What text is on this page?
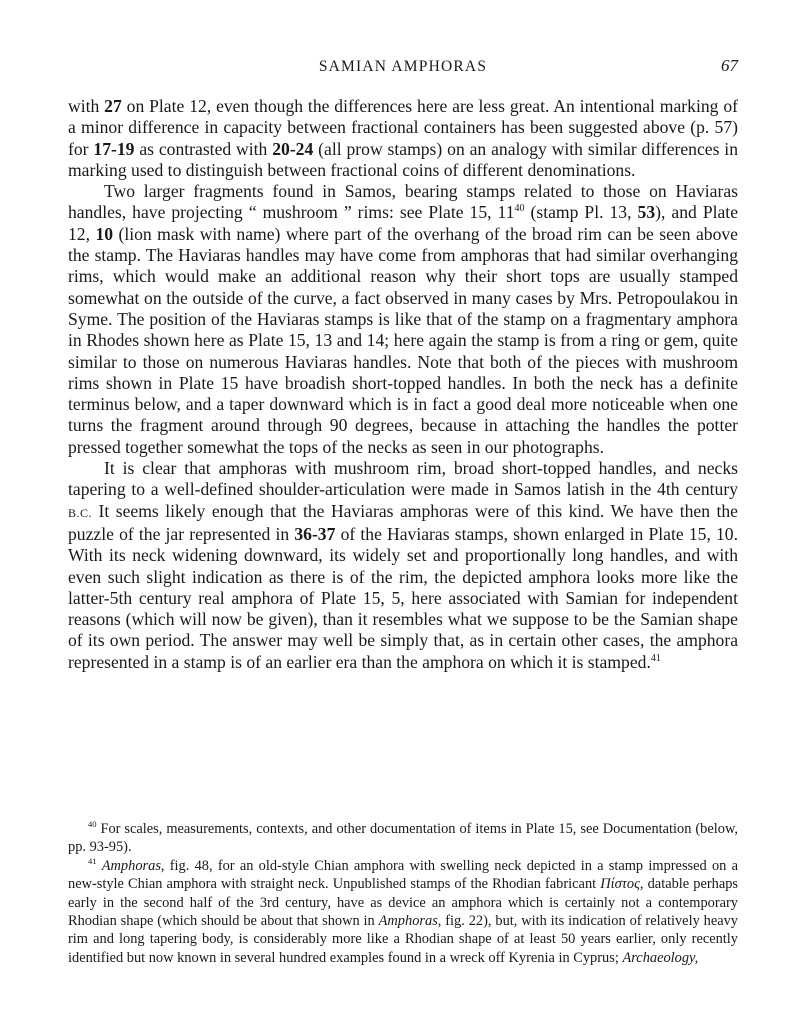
SAMIAN AMPHORAS	67

with 27 on Plate 12, even though the differences here are less great. An intentional marking of a minor difference in capacity between fractional containers has been suggested above (p. 57) for 17-19 as contrasted with 20-24 (all prow stamps) on an analogy with similar differences in marking used to distinguish between fractional coins of different denominations.

Two larger fragments found in Samos, bearing stamps related to those on Haviaras handles, have projecting “ mushroom ” rims: see Plate 15, $11^{40}$ (stamp Pl. 13, 53), and Plate 12, 10 (lion mask with name) where part of the overhang of the broad rim can be seen above the stamp. The Haviaras handles may have come from amphoras that had similar overhanging rims, which would make an additional reason why their short tops are usually stamped somewhat on the outside of the curve, a fact observed in many cases by Mrs. Petropoulakou in Syme. The position of the Haviaras stamps is like that of the stamp on a fragmentary amphora in Rhodes shown here as Plate 15, 13 and 14; here again the stamp is from a ring or gem, quite similar to those on numerous Haviaras handles. Note that both of the pieces with mushroom rims shown in Plate 15 have broadish short-topped handles. In both the neck has a definite terminus below, and a taper downward which is in fact a good deal more noticeable when one turns the fragment around through 90 degrees, because in attaching the handles the potter pressed together somewhat the tops of the necks as seen in our photographs.

It is clear that amphoras with mushroom rim, broad short-topped handles, and necks tapering to a well-defined shoulder-articulation were made in Samos latish in the 4th century B.C. It seems likely enough that the Haviaras amphoras were of this kind. We have then the puzzle of the jar represented in 36-37 of the Haviaras stamps, shown enlarged in Plate 15, 10. With its neck widening downward, its widely set and proportionally long handles, and with even such slight indication as there is of the rim, the depicted amphora looks more like the latter-5th century real amphora of Plate 15, 5, here associated with Samian for independent reasons (which will now be given), than it resembles what we suppose to be the Samian shape of its own period. The answer may well be simply that, as in certain other cases, the amphora represented in a stamp is of an earlier era than the amphora on which it is stamped.$^{41}$

$^{40}$ For scales, measurements, contexts, and other documentation of items in Plate 15, see Documentation (below, pp. 93-95).

$^{41}$ Amphoras, fig. 48, for an old-style Chian amphora with swelling neck depicted in a stamp impressed on a new-style Chian amphora with straight neck. Unpublished stamps of the Rhodian fabricant Πίστος, datable perhaps early in the second half of the 3rd century, have as device an amphora which is certainly not a contemporary Rhodian shape (which should be about that shown in Amphoras, fig. 22), but, with its indication of relatively heavy rim and long tapering body, is considerably more like a Rhodian shape of at least 50 years earlier, only recently identified but now known in several hundred examples found in a wreck off Kyrenia in Cyprus; Archaeology,
